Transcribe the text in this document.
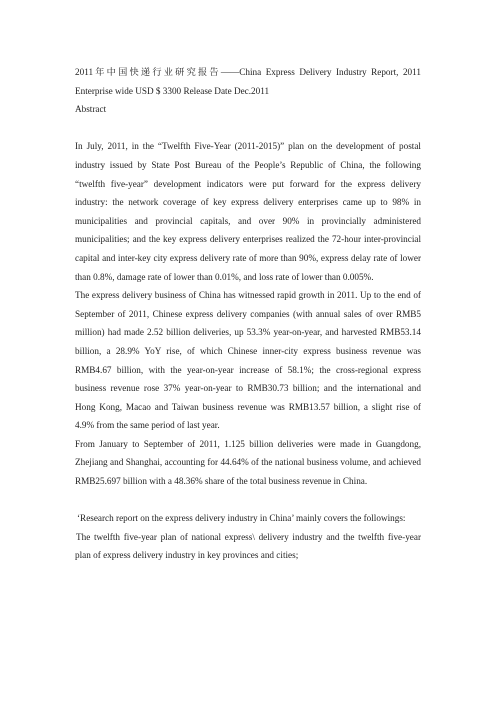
2011年中国快递行业研究报告——China Express Delivery Industry Report, 2011 Enterprise wide USD $ 3300 Release Date Dec.2011

Abstract

In July, 2011, in the “Twelfth Five-Year (2011-2015)” plan on the development of postal industry issued by State Post Bureau of the People’s Republic of China, the following “twelfth five-year” development indicators were put forward for the express delivery industry: the network coverage of key express delivery enterprises came up to 98% in municipalities and provincial capitals, and over 90% in provincially administered municipalities; and the key express delivery enterprises realized the 72-hour inter-provincial capital and inter-key city express delivery rate of more than 90%, express delay rate of lower than 0.8%, damage rate of lower than 0.01%, and loss rate of lower than 0.005%.

The express delivery business of China has witnessed rapid growth in 2011. Up to the end of September of 2011, Chinese express delivery companies (with annual sales of over RMB5 million) had made 2.52 billion deliveries, up 53.3% year-on-year, and harvested RMB53.14 billion, a 28.9% YoY rise, of which Chinese inner-city express business revenue was RMB4.67 billion, with the year-on-year increase of 58.1%; the cross-regional express business revenue rose 37% year-on-year to RMB30.73 billion; and the international and Hong Kong, Macao and Taiwan business revenue was RMB13.57 billion, a slight rise of 4.9% from the same period of last year.

From January to September of 2011, 1.125 billion deliveries were made in Guangdong, Zhejiang and Shanghai, accounting for 44.64% of the national business volume, and achieved RMB25.697 billion with a 48.36% share of the total business revenue in China.

‘Research report on the express delivery industry in China’ mainly covers the followings:

The twelfth five-year plan of national express\ delivery industry and the twelfth five-year plan of express delivery industry in key provinces and cities;
